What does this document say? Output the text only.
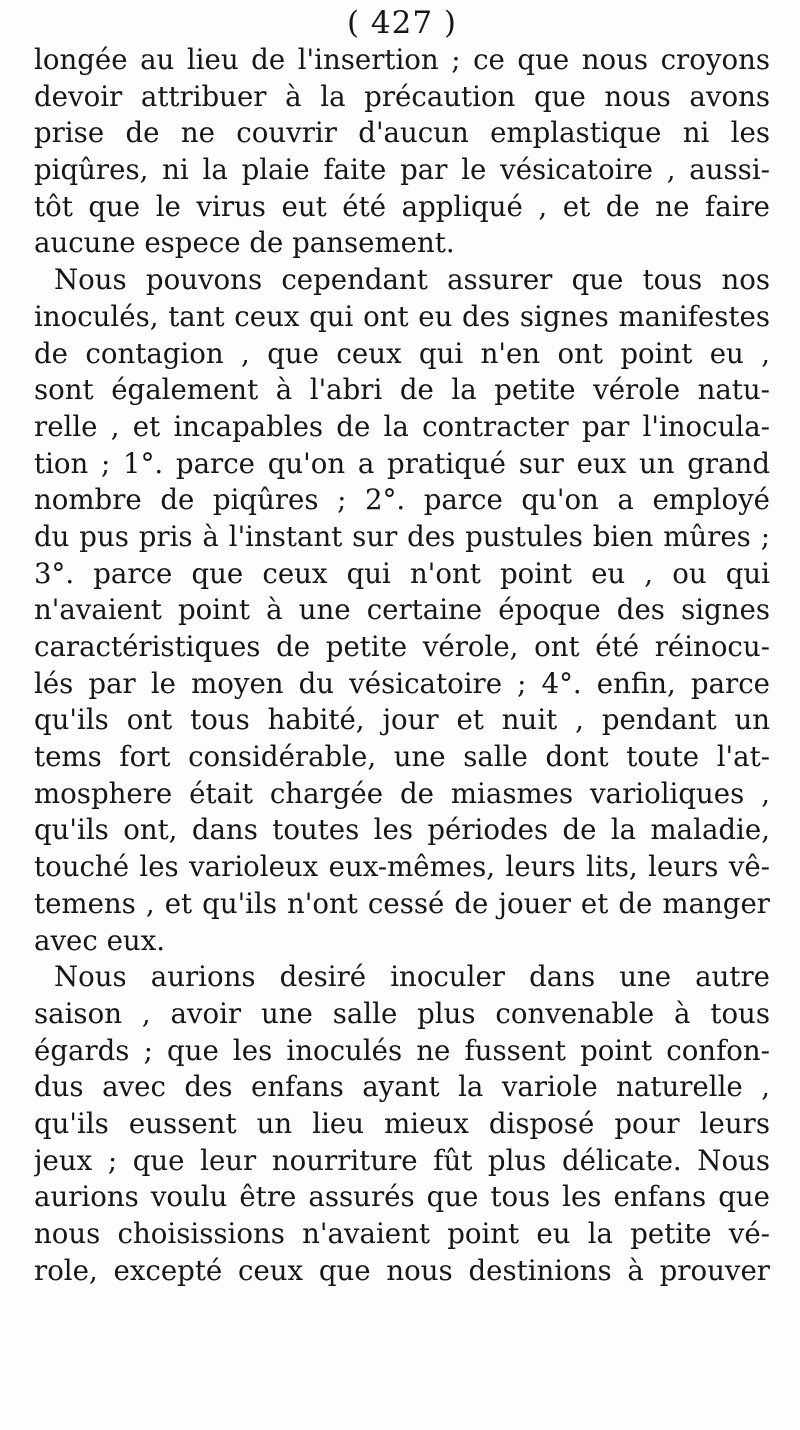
( 427 )
longée au lieu de l'insertion ; ce que nous croyons
devoir attribuer à la précaution que nous avons
prise de ne couvrir d'aucun emplastique ni les
piqûres, ni la plaie faite par le vésicatoire , aussi-
tôt que le virus eut été appliqué , et de ne faire
aucune espece de pansement.
Nous pouvons cependant assurer que tous nos
inoculés, tant ceux qui ont eu des signes manifestes
de contagion , que ceux qui n'en ont point eu ,
sont également à l'abri de la petite vérole natu-
relle , et incapables de la contracter par l'inocula-
tion ; 1°. parce qu'on a pratiqué sur eux un grand
nombre de piqûres ; 2°. parce qu'on a employé
du pus pris à l'instant sur des pustules bien mûres ;
3°. parce que ceux qui n'ont point eu , ou qui
n'avaient point à une certaine époque des signes
caractéristiques de petite vérole, ont été réinocu-
lés par le moyen du vésicatoire ; 4°. enfin, parce
qu'ils ont tous habité, jour et nuit , pendant un
tems fort considérable, une salle dont toute l'at-
mosphere était chargée de miasmes varioliques ,
qu'ils ont, dans toutes les périodes de la maladie,
touché les varioleux eux-mêmes, leurs lits, leurs vê-
temens , et qu'ils n'ont cessé de jouer et de manger
avec eux.
Nous aurions desiré inoculer dans une autre
saison , avoir une salle plus convenable à tous
égards ; que les inoculés ne fussent point confon-
dus avec des enfans ayant la variole naturelle ,
qu'ils eussent un lieu mieux disposé pour leurs
jeux ; que leur nourriture fût plus délicate. Nous
aurions voulu être assurés que tous les enfans que
nous choisissions n'avaient point eu la petite vé-
role, excepté ceux que nous destinions à prouver
